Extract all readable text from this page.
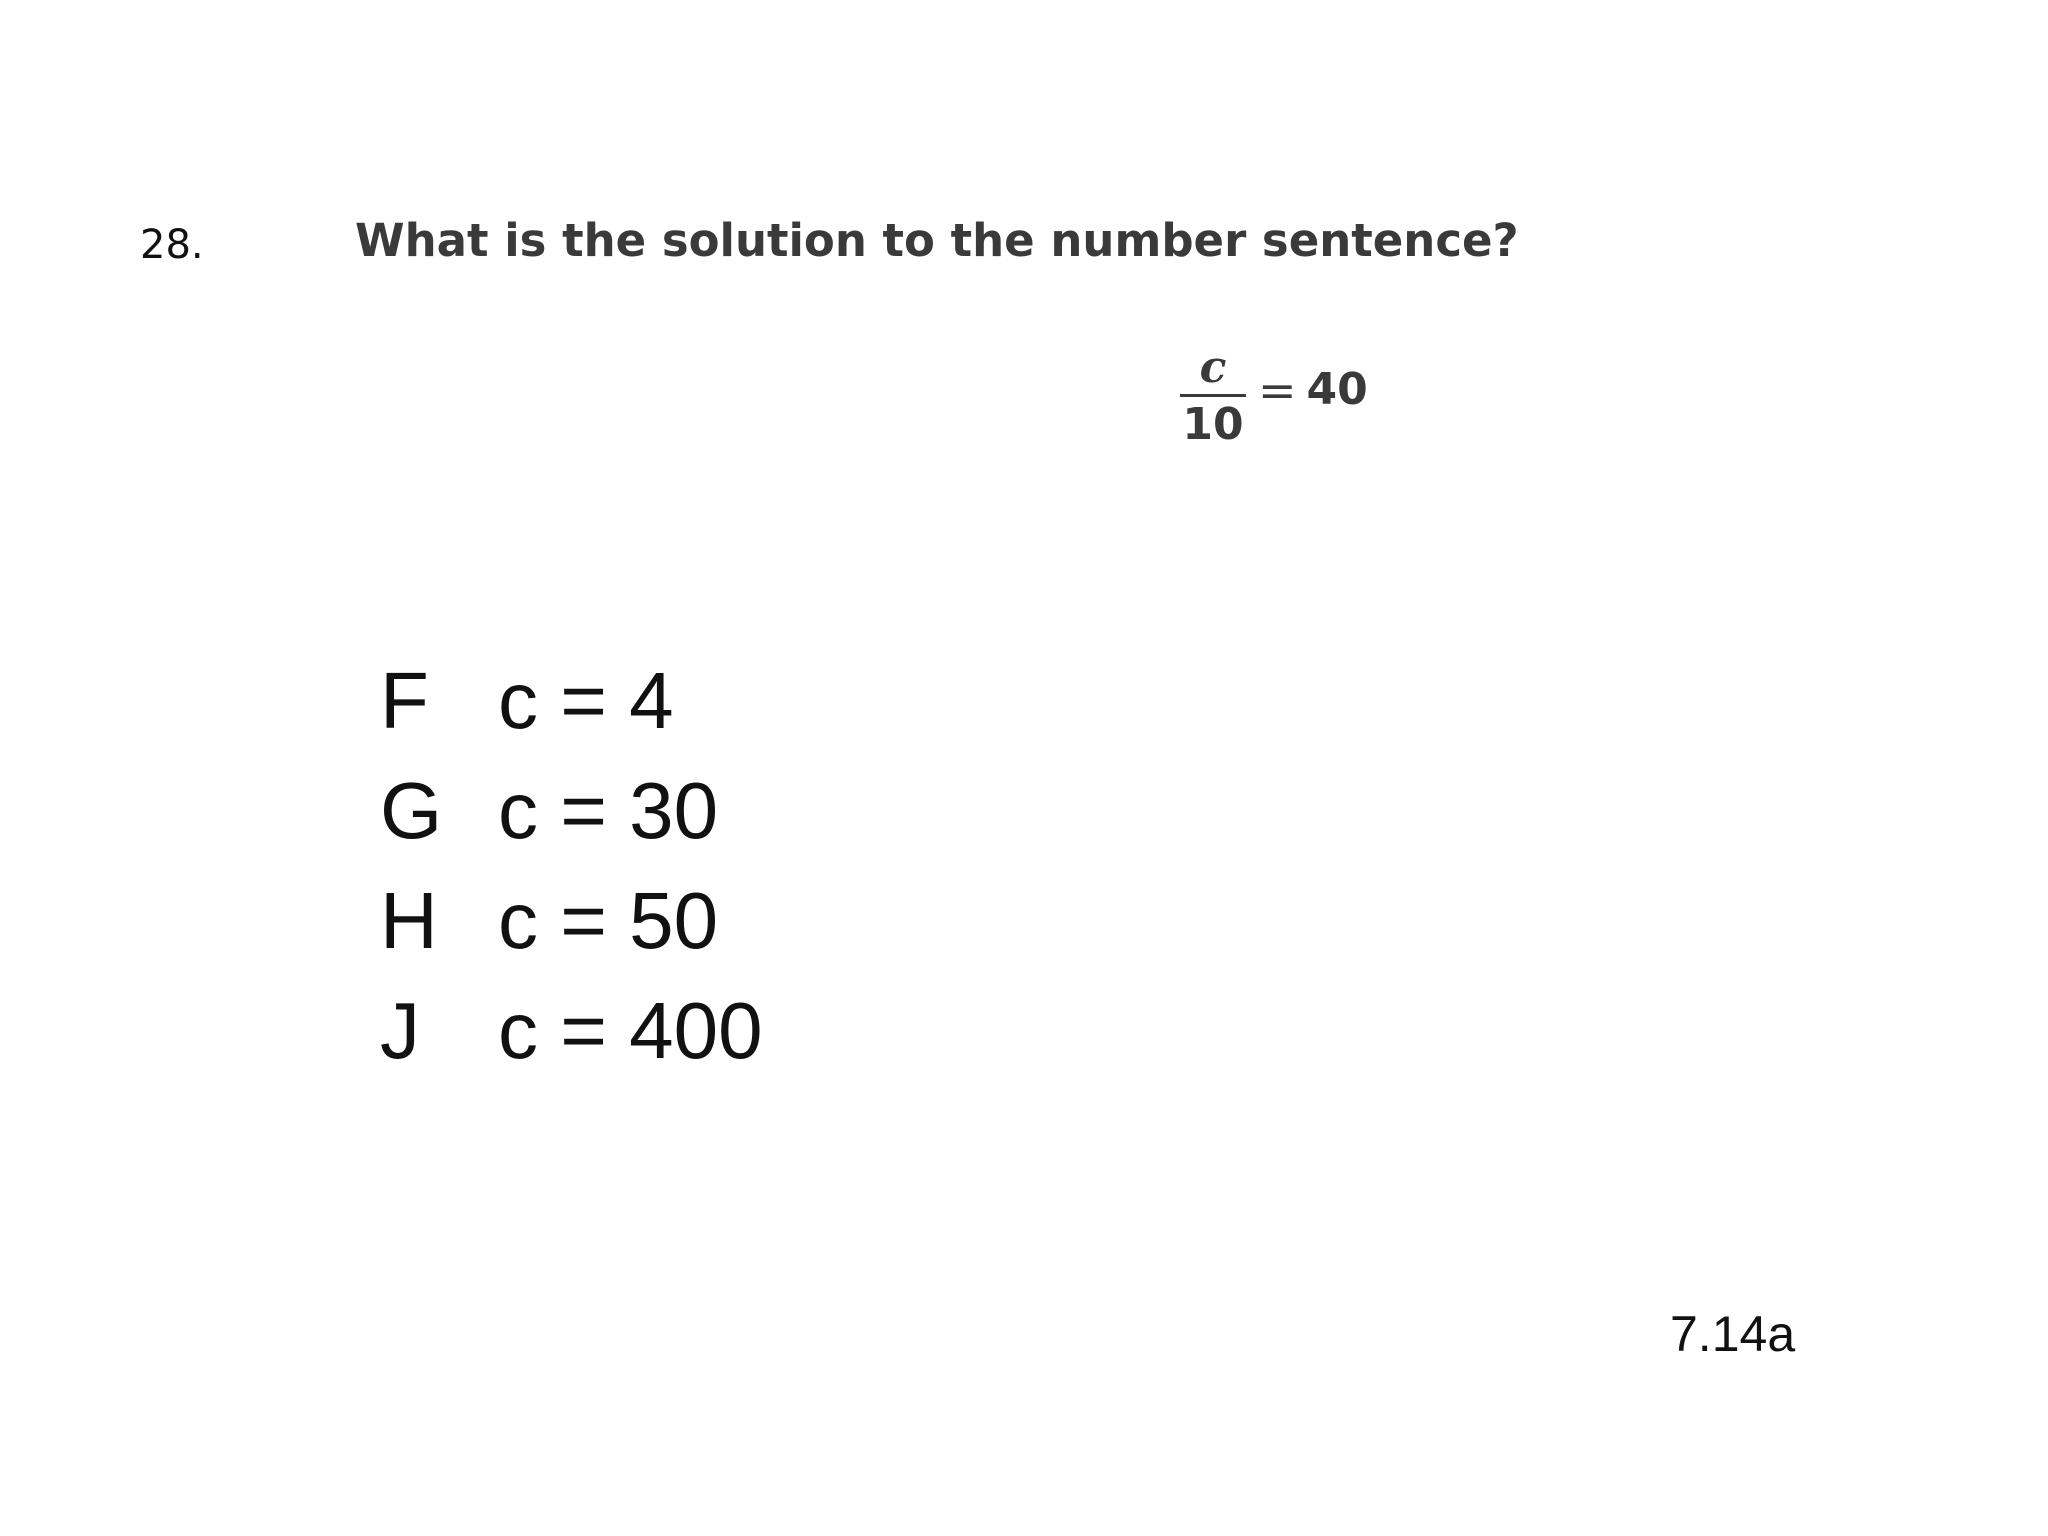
28.	What is the solution to the number sentence?
$\frac{c}{10} = 40$
F c = 4
G c = 30
H c = 50
J c = 400
7.14a
